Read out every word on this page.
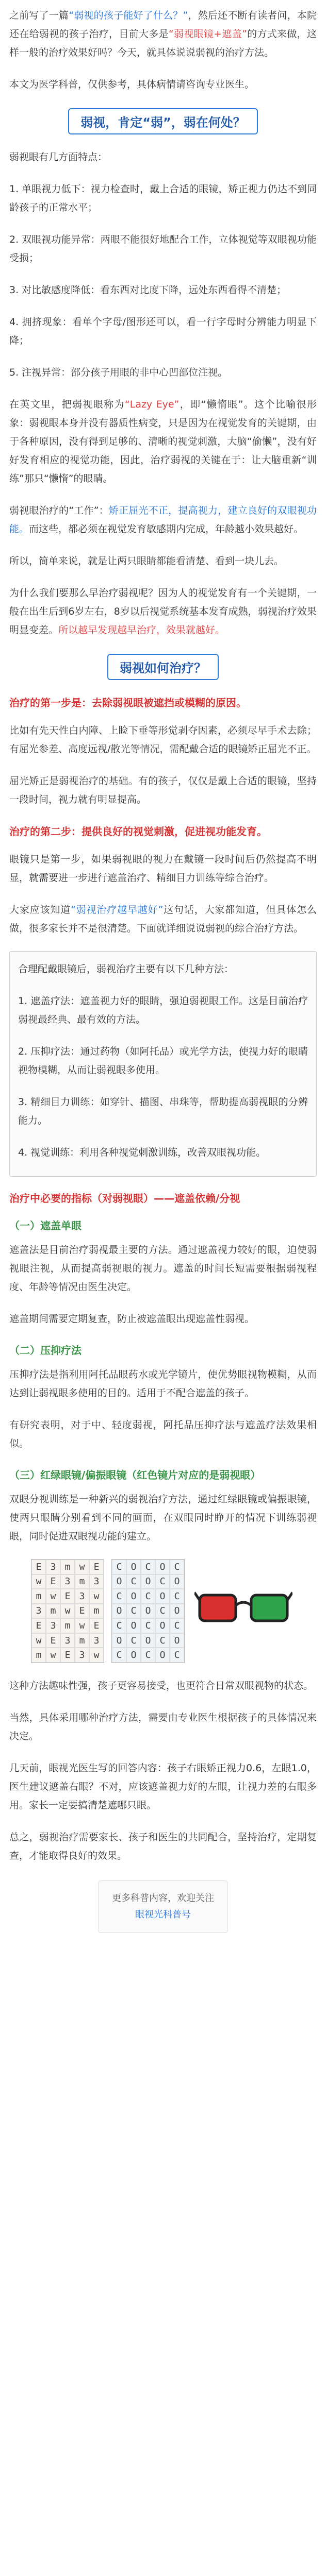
之前写了一篇“弱视的孩子能好了什么？”，然后还不断有读者问，本院还在给弱视的孩子治疗，目前大多是“弱视眼镜+遮盖”的方式来做，这样一般的治疗效果好吗？今天，就具体说说弱视的治疗方法。

本文为医学科普，仅供参考，具体病情请咨询专业医生。

弱视，肯定“弱”，弱在何处？

弱视眼有几方面特点：

1. 单眼视力低下：视力检查时，戴上合适的眼镜，矫正视力仍达不到同龄孩子的正常水平；

2. 双眼视功能异常：两眼不能很好地配合工作，立体视觉等双眼视功能受损；

3. 对比敏感度降低：看东西对比度下降，远处东西看得不清楚；

4. 拥挤现象：看单个字母/图形还可以，看一行字母时分辨能力明显下降；

5. 注视异常：部分孩子用眼的非中心凹部位注视。

在英文里，把弱视眼称为“Lazy Eye”，即“懒惰眼”。这个比喻很形象：弱视眼本身并没有器质性病变，只是因为在视觉发育的关键期，由于各种原因，没有得到足够的、清晰的视觉刺激，大脑“偷懒”，没有好好发育相应的视觉功能，因此，治疗弱视的关键在于：让大脑重新“训练”那只“懒惰”的眼睛。

弱视眼治疗的“工作”：矫正屈光不正，提高视力，建立良好的双眼视功能。而这些，都必须在视觉发育敏感期内完成，年龄越小效果越好。

所以，简单来说，就是让两只眼睛都能看清楚、看到一块儿去。

为什么我们要那么早治疗弱视呢？因为人的视觉发育有一个关键期，一般在出生后到6岁左右，8岁以后视觉系统基本发育成熟，弱视治疗效果明显变差。所以越早发现越早治疗，效果就越好。

弱视如何治疗？
治疗的第一步是：去除弱视眼被遮挡或模糊的原因。

比如有先天性白内障、上睑下垂等形觉剥夺因素，必须尽早手术去除；有屈光参差、高度远视/散光等情况，需配戴合适的眼镜矫正屈光不正。

屈光矫正是弱视治疗的基础。有的孩子，仅仅是戴上合适的眼镜，坚持一段时间，视力就有明显提高。

治疗的第二步：提供良好的视觉刺激，促进视功能发育。

眼镜只是第一步，如果弱视眼的视力在戴镜一段时间后仍然提高不明显，就需要进一步进行遮盖治疗、精细目力训练等综合治疗。

大家应该知道“弱视治疗越早越好”这句话，大家都知道，但具体怎么做，很多家长并不是很清楚。下面就详细说说弱视的综合治疗方法。

合理配戴眼镜后，弱视治疗主要有以下几种方法：

1. 遮盖疗法：遮盖视力好的眼睛，强迫弱视眼工作。这是目前治疗弱视最经典、最有效的方法。

2. 压抑疗法：通过药物（如阿托品）或光学方法，使视力好的眼睛视物模糊，从而让弱视眼多使用。

3. 精细目力训练：如穿针、描图、串珠等，帮助提高弱视眼的分辨能力。

4. 视觉训练：利用各种视觉刺激训练，改善双眼视功能。

治疗中必要的指标（对弱视眼）——遮盖依赖/分视
（一）遮盖单眼

遮盖法是目前治疗弱视最主要的方法。通过遮盖视力较好的眼，迫使弱视眼注视，从而提高弱视眼的视力。遮盖的时间长短需要根据弱视程度、年龄等情况由医生决定。

遮盖期间需要定期复查，防止被遮盖眼出现遮盖性弱视。

（二）压抑疗法

压抑疗法是指利用阿托品眼药水或光学镜片，使优势眼视物模糊，从而达到让弱视眼多使用的目的。适用于不配合遮盖的孩子。

有研究表明，对于中、轻度弱视，阿托品压抑疗法与遮盖疗法效果相似。

（三）红绿眼镜/偏振眼镜（红色镜片对应的是弱视眼）

双眼分视训练是一种新兴的弱视治疗方法，通过红绿眼镜或偏振眼镜，使两只眼睛分别看到不同的画面，在双眼同时睁开的情况下训练弱视眼，同时促进双眼视功能的建立。

E 3 m w E
w E 3 m 3
m w E 3 w
3 m w E m
E 3 m w E
w E 3 m 3
m w E 3 w
C O C O C
O C O C O
C O C O C
O C O C O
C O C O C
O C O C O
C O C O C

这种方法趣味性强，孩子更容易接受，也更符合日常双眼视物的状态。

当然，具体采用哪种治疗方法，需要由专业医生根据孩子的具体情况来决定。

几天前，眼视光医生写的回答内容：孩子右眼矫正视力0.6，左眼1.0，医生建议遮盖右眼？不对，应该遮盖视力好的左眼，让视力差的右眼多用。家长一定要搞清楚遮哪只眼。

总之，弱视治疗需要家长、孩子和医生的共同配合，坚持治疗，定期复查，才能取得良好的效果。

更多科普内容，欢迎关注
眼视光科普号
